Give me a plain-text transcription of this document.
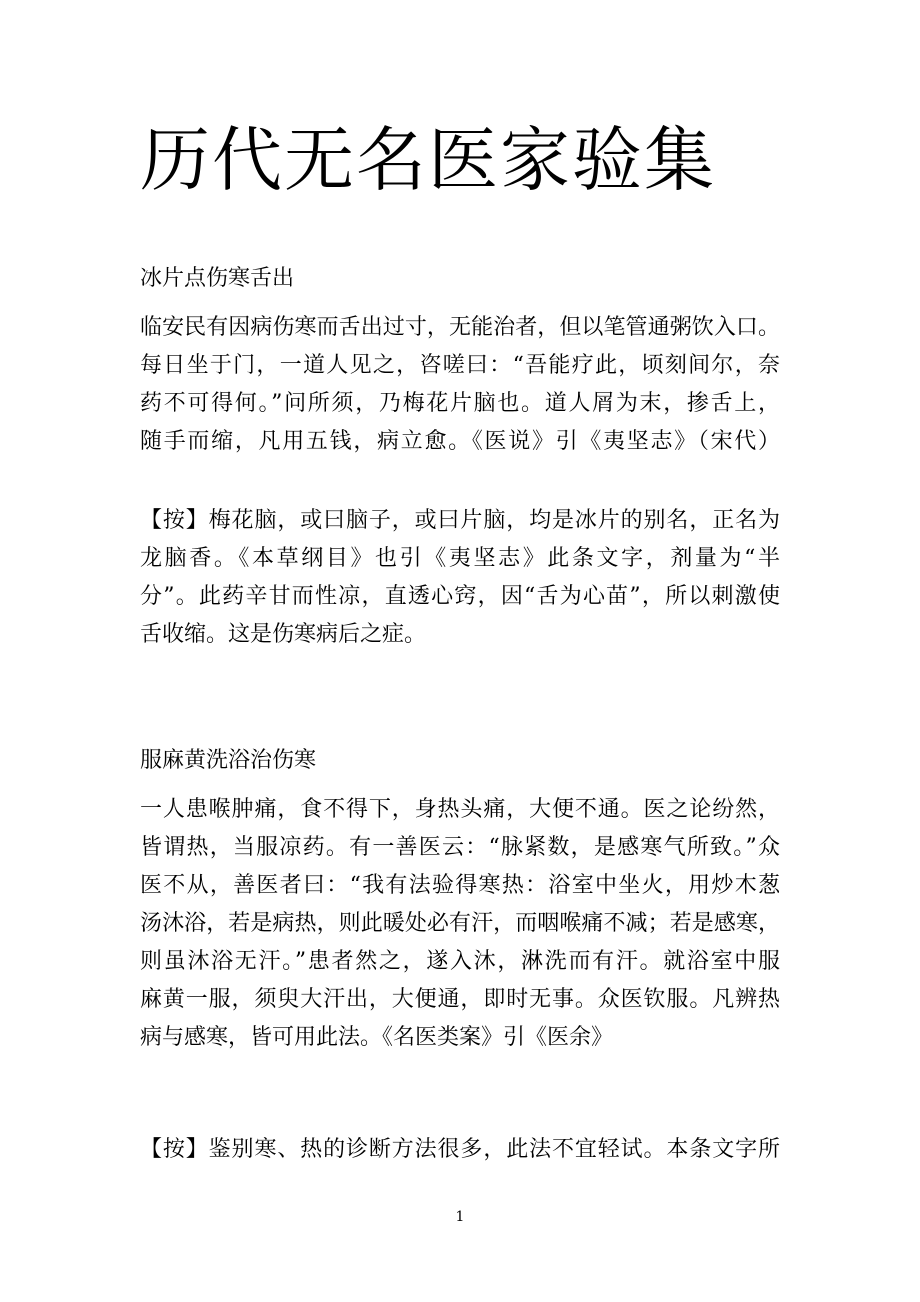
历代无名医家验集
冰片点伤寒舌出
临安民有因病伤寒而舌出过寸，无能治者，但以笔管通粥饮入口。
每日坐于门，一道人见之，咨嗟曰：“吾能疗此，顷刻间尔，奈
药不可得何。”问所须，乃梅花片脑也。道人屑为末，掺舌上，
随手而缩，凡用五钱，病立愈。《医说》引《夷坚志》（宋代）
【按】梅花脑，或曰脑子，或曰片脑，均是冰片的别名，正名为
龙脑香。《本草纲目》也引《夷坚志》此条文字，剂量为“半
分”。此药辛甘而性凉，直透心窍，因“舌为心苗”，所以刺激使
舌收缩。这是伤寒病后之症。
服麻黄洗浴治伤寒
一人患喉肿痛，食不得下，身热头痛，大便不通。医之论纷然，
皆谓热，当服凉药。有一善医云：“脉紧数，是感寒气所致。”众
医不从，善医者曰：“我有法验得寒热：浴室中坐火，用炒木葱
汤沐浴，若是病热，则此暖处必有汗，而咽喉痛不减；若是感寒，
则虽沐浴无汗。”患者然之，遂入沐，淋洗而有汗。就浴室中服
麻黄一服，须臾大汗出，大便通，即时无事。众医钦服。凡辨热
病与感寒，皆可用此法。《名医类案》引《医余》
【按】鉴别寒、热的诊断方法很多，此法不宜轻试。本条文字所
1
